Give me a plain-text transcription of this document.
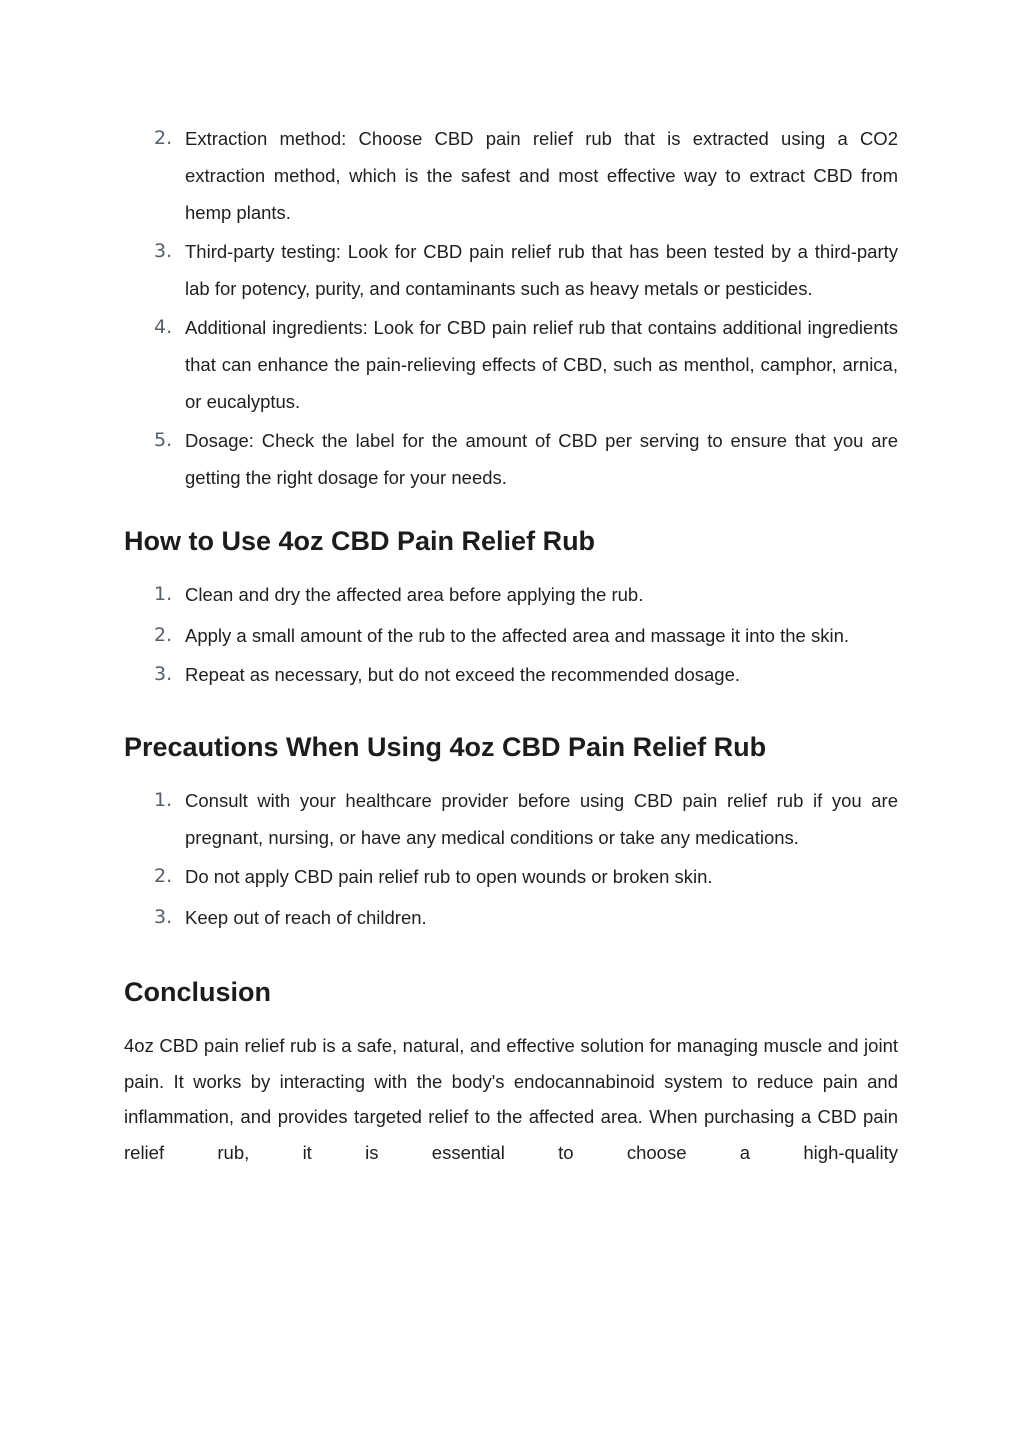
2. Extraction method: Choose CBD pain relief rub that is extracted using a CO2 extraction method, which is the safest and most effective way to extract CBD from hemp plants.
3. Third-party testing: Look for CBD pain relief rub that has been tested by a third-party lab for potency, purity, and contaminants such as heavy metals or pesticides.
4. Additional ingredients: Look for CBD pain relief rub that contains additional ingredients that can enhance the pain-relieving effects of CBD, such as menthol, camphor, arnica, or eucalyptus.
5. Dosage: Check the label for the amount of CBD per serving to ensure that you are getting the right dosage for your needs.
How to Use 4oz CBD Pain Relief Rub
1. Clean and dry the affected area before applying the rub.
2. Apply a small amount of the rub to the affected area and massage it into the skin.
3. Repeat as necessary, but do not exceed the recommended dosage.
Precautions When Using 4oz CBD Pain Relief Rub
1. Consult with your healthcare provider before using CBD pain relief rub if you are pregnant, nursing, or have any medical conditions or take any medications.
2. Do not apply CBD pain relief rub to open wounds or broken skin.
3. Keep out of reach of children.
Conclusion

4oz CBD pain relief rub is a safe, natural, and effective solution for managing muscle and joint pain. It works by interacting with the body's endocannabinoid system to reduce pain and inflammation, and provides targeted relief to the affected area. When purchasing a CBD pain relief rub, it is essential to choose a high-quality
